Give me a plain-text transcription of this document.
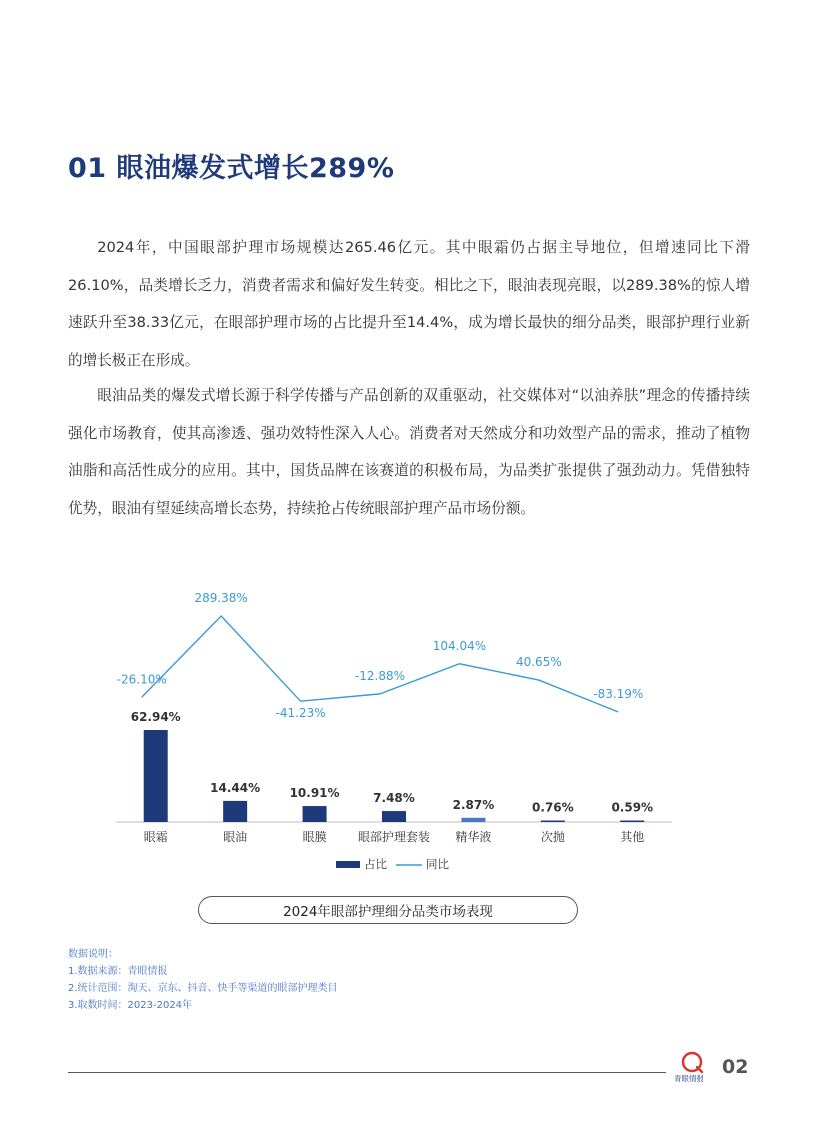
01 眼油爆发式增长289%

2024年，中国眼部护理市场规模达265.46亿元。其中眼霜仍占据主导地位，但增速同比下滑26.10%，品类增长乏力，消费者需求和偏好发生转变。相比之下，眼油表现亮眼，以289.38%的惊人增速跃升至38.33亿元，在眼部护理市场的占比提升至14.4%，成为增长最快的细分品类，眼部护理行业新的增长极正在形成。

眼油品类的爆发式增长源于科学传播与产品创新的双重驱动，社交媒体对“以油养肤”理念的传播持续强化市场教育，使其高渗透、强功效特性深入人心。消费者对天然成分和功效型产品的需求，推动了植物油脂和高活性成分的应用。其中，国货品牌在该赛道的积极布局，为品类扩张提供了强劲动力。凭借独特优势，眼油有望延续高增长态势，持续抢占传统眼部护理产品市场份额。

62.94%
眼霜
14.44%
眼油
10.91%
眼膜
7.48%
眼部护理套装
2.87%
精华液
0.76%
次抛
0.59%
其他
-26.10%
289.38%
-41.23%
-12.88%
104.04%
40.65%
-83.19%
占比	同比
2024年眼部护理细分品类市场表现
数据说明：
1.数据来源：青眼情报
2.统计范围：淘天、京东、抖音、快手等渠道的眼部护理类目
3.取数时间：2023-2024年
青眼情报
02
